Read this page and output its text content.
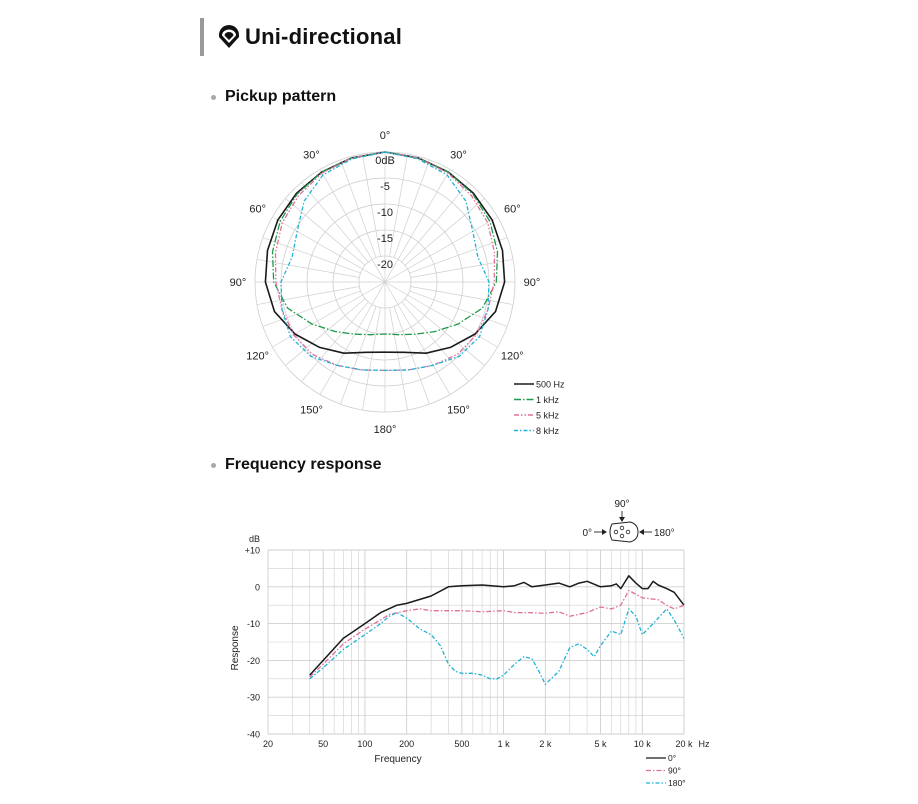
Uni-directional
Pickup pattern
Frequency response
0dB
-5
-10
-15
-20
0°
30°	30°
60°	60°
90°	90°
120°	120°
150°	150°
180°
500 Hz
1 kHz
5 kHz
8 kHz
+10
0
-10
-20
-30
-40
dB
20	50	100	200	500	1 k	2 k	5 k	10 k	20 k Hz
Frequency
Response
0°
90°
180°
90°
0°	180°
